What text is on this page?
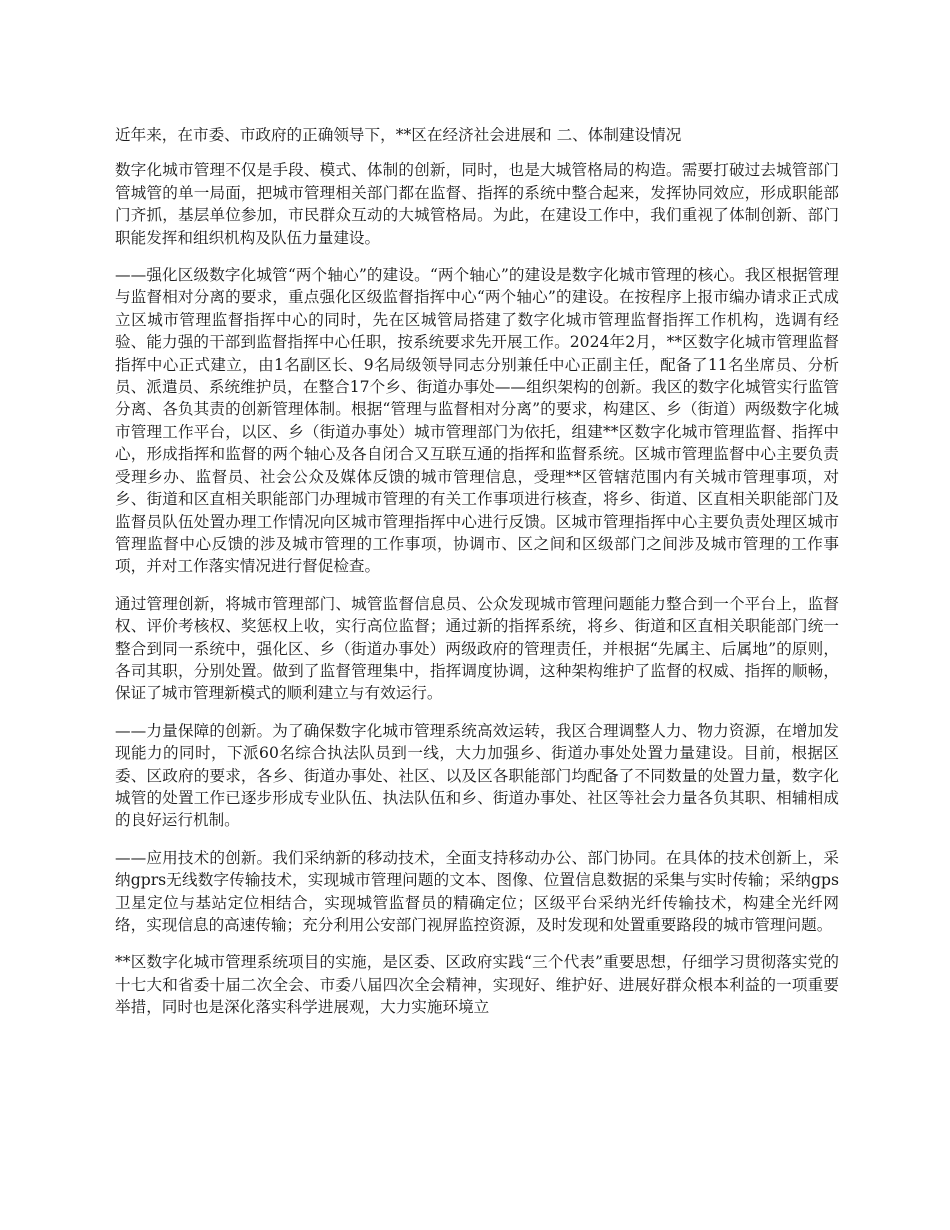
近年来，在市委、市政府的正确领导下，**区在经济社会进展和 二、体制建设情况

数字化城市管理不仅是手段、模式、体制的创新，同时，也是大城管格局的构造。需要打破过去城管部门管城管的单一局面，把城市管理相关部门都在监督、指挥的系统中整合起来，发挥协同效应，形成职能部门齐抓，基层单位参加，市民群众互动的大城管格局。为此，在建设工作中，我们重视了体制创新、部门职能发挥和组织机构及队伍力量建设。

——强化区级数字化城管“两个轴心”的建设。“两个轴心”的建设是数字化城市管理的核心。我区根据管理与监督相对分离的要求，重点强化区级监督指挥中心“两个轴心”的建设。在按程序上报市编办请求正式成立区城市管理监督指挥中心的同时，先在区城管局搭建了数字化城市管理监督指挥工作机构，选调有经验、能力强的干部到监督指挥中心任职，按系统要求先开展工作。2024年2月，**区数字化城市管理监督指挥中心正式建立，由1名副区长、9名局级领导同志分别兼任中心正副主任，配备了11名坐席员、分析员、派遣员、系统维护员，在整合17个乡、街道办事处——组织架构的创新。我区的数字化城管实行监管分离、各负其责的创新管理体制。根据“管理与监督相对分离”的要求，构建区、乡（街道）两级数字化城市管理工作平台，以区、乡（街道办事处）城市管理部门为依托，组建**区数字化城市管理监督、指挥中心，形成指挥和监督的两个轴心及各自闭合又互联互通的指挥和监督系统。区城市管理监督中心主要负责受理乡办、监督员、社会公众及媒体反馈的城市管理信息，受理**区管辖范围内有关城市管理事项，对乡、街道和区直相关职能部门办理城市管理的有关工作事项进行核查，将乡、街道、区直相关职能部门及监督员队伍处置办理工作情况向区城市管理指挥中心进行反馈。区城市管理指挥中心主要负责处理区城市管理监督中心反馈的涉及城市管理的工作事项，协调市、区之间和区级部门之间涉及城市管理的工作事项，并对工作落实情况进行督促检查。

通过管理创新，将城市管理部门、城管监督信息员、公众发现城市管理问题能力整合到一个平台上，监督权、评价考核权、奖惩权上收，实行高位监督；通过新的指挥系统，将乡、街道和区直相关职能部门统一整合到同一系统中，强化区、乡（街道办事处）两级政府的管理责任，并根据“先属主、后属地”的原则，各司其职，分别处置。做到了监督管理集中，指挥调度协调，这种架构维护了监督的权威、指挥的顺畅，保证了城市管理新模式的顺利建立与有效运行。

——力量保障的创新。为了确保数字化城市管理系统高效运转，我区合理调整人力、物力资源，在增加发现能力的同时，下派60名综合执法队员到一线，大力加强乡、街道办事处处置力量建设。目前，根据区委、区政府的要求，各乡、街道办事处、社区、以及区各职能部门均配备了不同数量的处置力量，数字化城管的处置工作已逐步形成专业队伍、执法队伍和乡、街道办事处、社区等社会力量各负其职、相辅相成的良好运行机制。

——应用技术的创新。我们采纳新的移动技术，全面支持移动办公、部门协同。在具体的技术创新上，采纳gprs无线数字传输技术，实现城市管理问题的文本、图像、位置信息数据的采集与实时传输；采纳gps卫星定位与基站定位相结合，实现城管监督员的精确定位；区级平台采纳光纤传输技术，构建全光纤网络，实现信息的高速传输；充分利用公安部门视屏监控资源，及时发现和处置重要路段的城市管理问题。

**区数字化城市管理系统项目的实施，是区委、区政府实践“三个代表”重要思想，仔细学习贯彻落实党的十七大和省委十届二次全会、市委八届四次全会精神，实现好、维护好、进展好群众根本利益的一项重要举措，同时也是深化落实科学进展观，大力实施环境立
